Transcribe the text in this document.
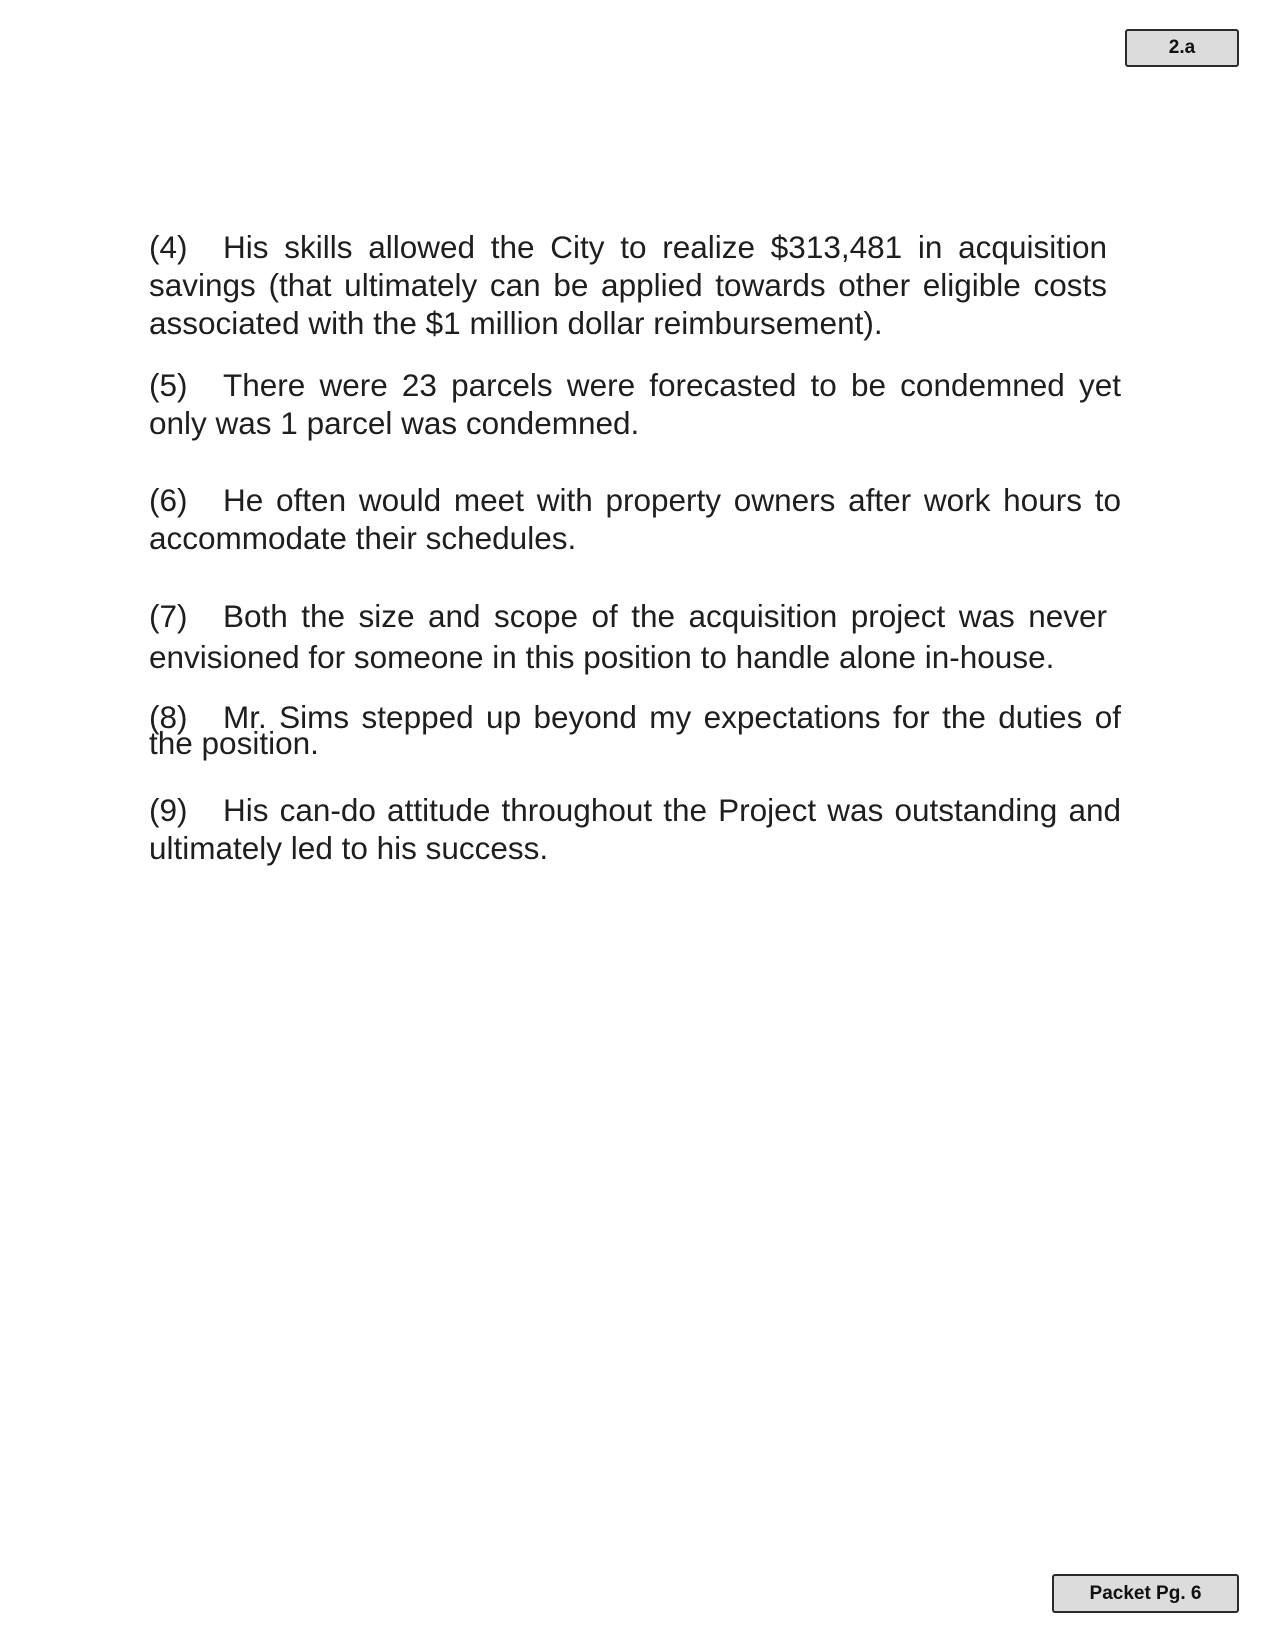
2.a

(4) His skills allowed the City to realize $313,481 in acquisition savings (that ultimately can be applied towards other eligible costs associated with the $1 million dollar reimbursement).

(5) There were 23 parcels were forecasted to be condemned yet only was 1 parcel was condemned.

(6) He often would meet with property owners after work hours to accommodate their schedules.

(7) Both the size and scope of the acquisition project was never envisioned for someone in this position to handle alone in-house.

(8) Mr. Sims stepped up beyond my expectations for the duties of the position.

(9) His can-do attitude throughout the Project was outstanding and ultimately led to his success.

Packet Pg. 6
